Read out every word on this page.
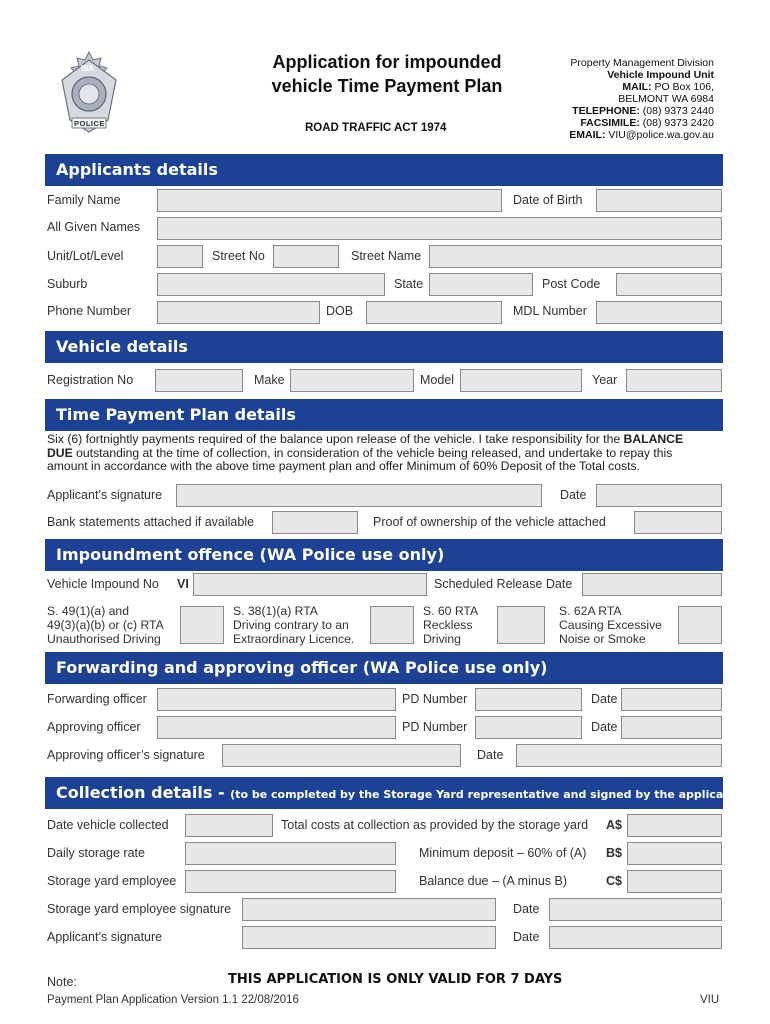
WA
POLICE
Application for impounded
vehicle Time Payment Plan
ROAD TRAFFIC ACT 1974
Property Management Division
Vehicle Impound Unit
MAIL: PO Box 106,
BELMONT WA 6984
TELEPHONE: (08) 9373 2440
FACSIMILE: (08) 9373 2420
EMAIL: VIU@police.wa.gov.au
Applicants details
Family Name	Date of Birth
All Given Names
Unit/Lot/Level	Street No	Street Name
Suburb	State	Post Code
Phone Number	DOB	MDL Number
Vehicle details
Registration No	Make	Model	Year
Time Payment Plan details
Six (6) fortnightly payments required of the balance upon release of the vehicle. I take responsibility for the BALANCE
DUE outstanding at the time of collection, in consideration of the vehicle being released, and undertake to repay this
amount in accordance with the above time payment plan and offer Minimum of 60% Deposit of the Total costs.
Applicant’s signature	Date
Bank statements attached if available	Proof of ownership of the vehicle attached
Impoundment offence (WA Police use only)
Vehicle Impound No VI	Scheduled Release Date
S. 49(1)(a) and
49(3)(a)(b) or (c) RTA
Unauthorised Driving
S. 38(1)(a) RTA
Driving contrary to an
Extraordinary Licence.
S. 60 RTA
Reckless
Driving
S. 62A RTA
Causing Excessive
Noise or Smoke
Forwarding and approving officer (WA Police use only)
Forwarding officer	PD Number	Date
Approving officer	PD Number	Date
Approving officer’s signature	Date
Collection details - (to be completed by the Storage Yard representative and signed by the applicant)
Date vehicle collected	Total costs at collection as provided by the storage yard A$
Daily storage rate	Minimum deposit – 60% of (A) B$
Storage yard employee	Balance due – (A minus B)	C$
Storage yard employee signature	Date
Applicant’s signature	Date
Note:	THIS APPLICATION IS ONLY VALID FOR 7 DAYS
Payment Plan Application Version 1.1 22/08/2016	VIU
